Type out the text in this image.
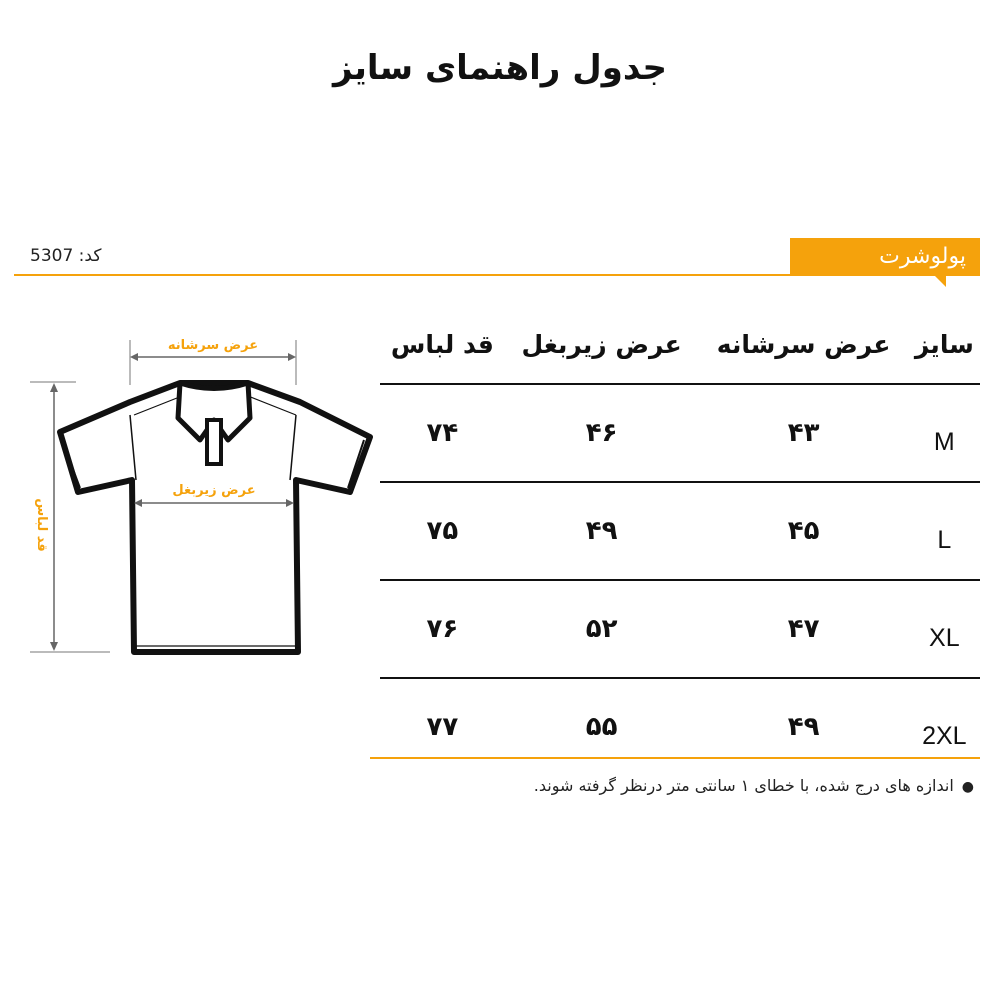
جدول راهنمای سایز
کد: 5307	پولوشرت
سایز	عرض سرشانه	عرض زیربغل	قد لباس
M	۴۳	۴۶	۷۴
L	۴۵	۴۹	۷۵
XL	۴۷	۵۲	۷۶
2XL	۴۹	۵۵	۷۷
●اندازه های درج شده، با خطای ۱ سانتی متر درنظر گرفته شوند.
عرض سرشانه
عرض زیربغل
قد لباس
